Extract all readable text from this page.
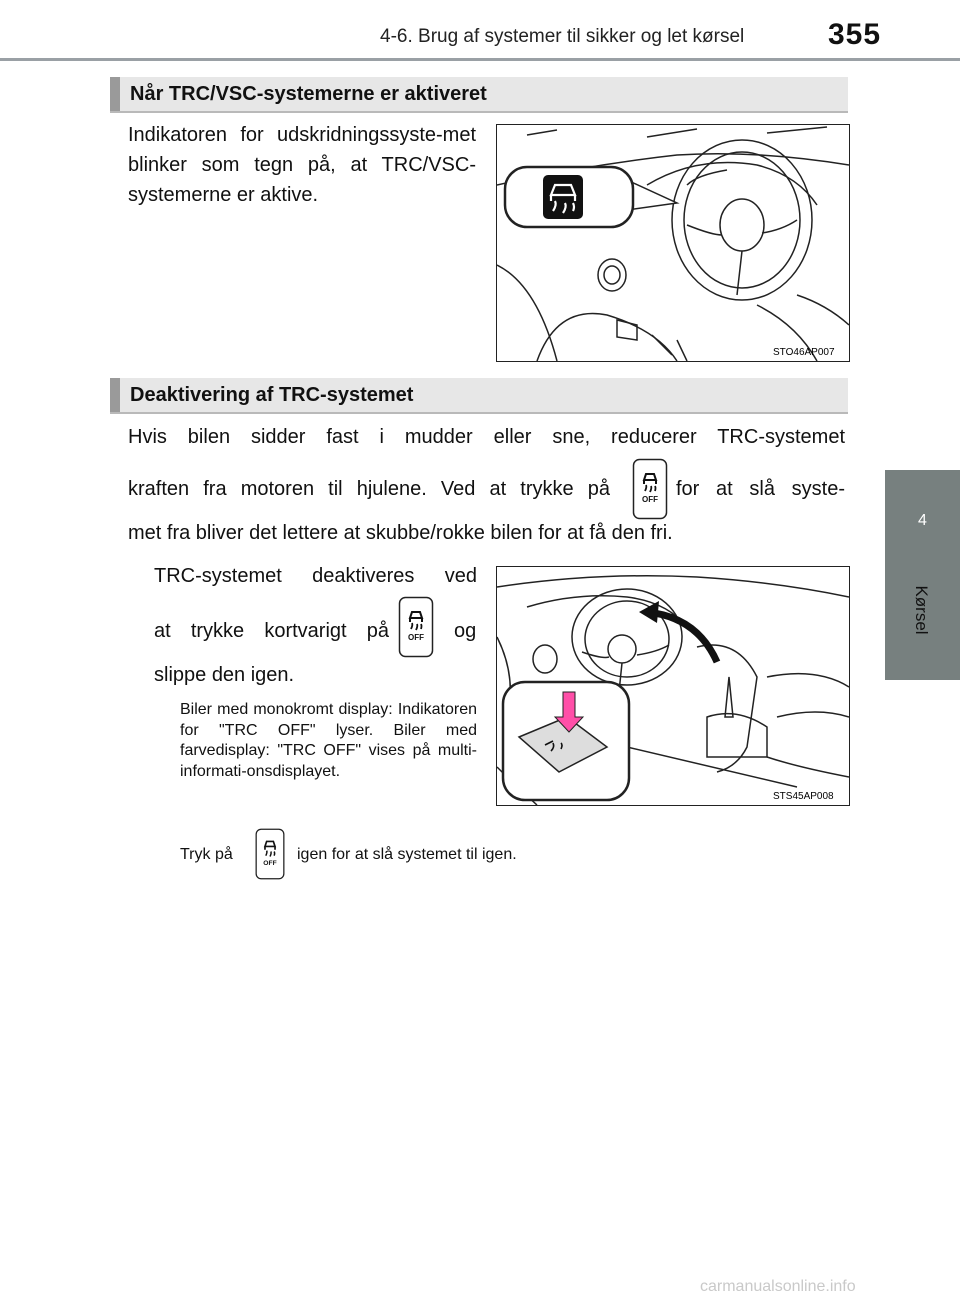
4-6. Brug af systemer til sikker og let kørsel	355
4
Kørsel
Når TRC/VSC-systemerne er aktiveret
Indikatoren for udskridningssyste-met blinker som tegn på, at TRC/VSC-systemerne er aktive.
STO46AP007
Deaktivering af TRC-systemet
Hvis bilen sidder fast i mudder eller sne, reducerer TRC-systemet
kraften fra motoren til hjulene. Ved at trykke på	OFF for at slå syste-
met fra bliver det lettere at skubbe/rokke bilen for at få den fri.
TRC-systemet deaktiveres ved
at trykke kortvarigt på OFF og
slippe den igen.
Biler med monokromt display: Indikatoren for "TRC OFF" lyser. Biler med farvedisplay: "TRC OFF" vises på multi-informati-onsdisplayet.
Tryk på
OFF
igen for at slå systemet til igen.
STS45AP008
carmanualsonline.info
